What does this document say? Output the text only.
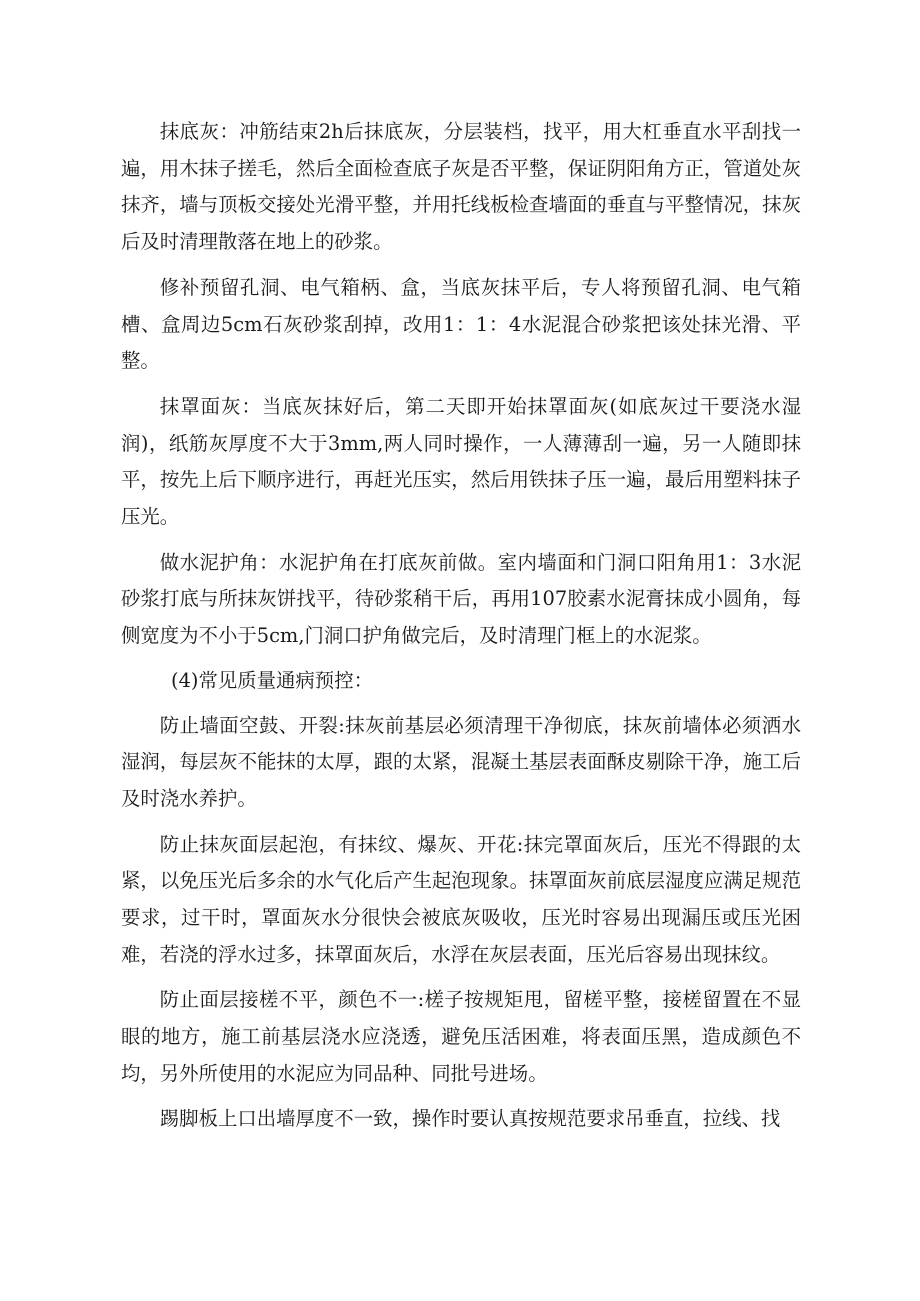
抹底灰：冲筋结束2h后抹底灰，分层装档，找平，用大杠垂直水平刮找一遍，用木抹子搓毛，然后全面检查底子灰是否平整，保证阴阳角方正，管道处灰抹齐，墙与顶板交接处光滑平整，并用托线板检查墙面的垂直与平整情况，抹灰后及时清理散落在地上的砂浆。

修补预留孔洞、电气箱柄、盒，当底灰抹平后，专人将预留孔洞、电气箱槽、盒周边5cm石灰砂浆刮掉，改用1：1：4水泥混合砂浆把该处抹光滑、平整。

抹罩面灰：当底灰抹好后，第二天即开始抹罩面灰(如底灰过干要浇水湿润)，纸筋灰厚度不大于3mm,两人同时操作，一人薄薄刮一遍，另一人随即抹平，按先上后下顺序进行，再赶光压实，然后用铁抹子压一遍，最后用塑料抹子压光。

做水泥护角：水泥护角在打底灰前做。室内墙面和门洞口阳角用1：3水泥砂浆打底与所抹灰饼找平，待砂浆稍干后，再用107胶素水泥膏抹成小圆角，每侧宽度为不小于5cm,门洞口护角做完后，及时清理门框上的水泥浆。

(4)常见质量通病预控：

防止墙面空鼓、开裂:抹灰前基层必须清理干净彻底，抹灰前墙体必须洒水湿润，每层灰不能抹的太厚，跟的太紧，混凝土基层表面酥皮剔除干净，施工后及时浇水养护。

防止抹灰面层起泡，有抹纹、爆灰、开花:抹完罩面灰后，压光不得跟的太紧，以免压光后多余的水气化后产生起泡现象。抹罩面灰前底层湿度应满足规范要求，过干时，罩面灰水分很快会被底灰吸收，压光时容易出现漏压或压光困难，若浇的浮水过多，抹罩面灰后，水浮在灰层表面，压光后容易出现抹纹。

防止面层接槎不平，颜色不一:槎子按规矩甩，留槎平整，接槎留置在不显眼的地方，施工前基层浇水应浇透，避免压活困难，将表面压黑，造成颜色不均，另外所使用的水泥应为同品种、同批号进场。

踢脚板上口出墙厚度不一致，操作时要认真按规范要求吊垂直，拉线、找
